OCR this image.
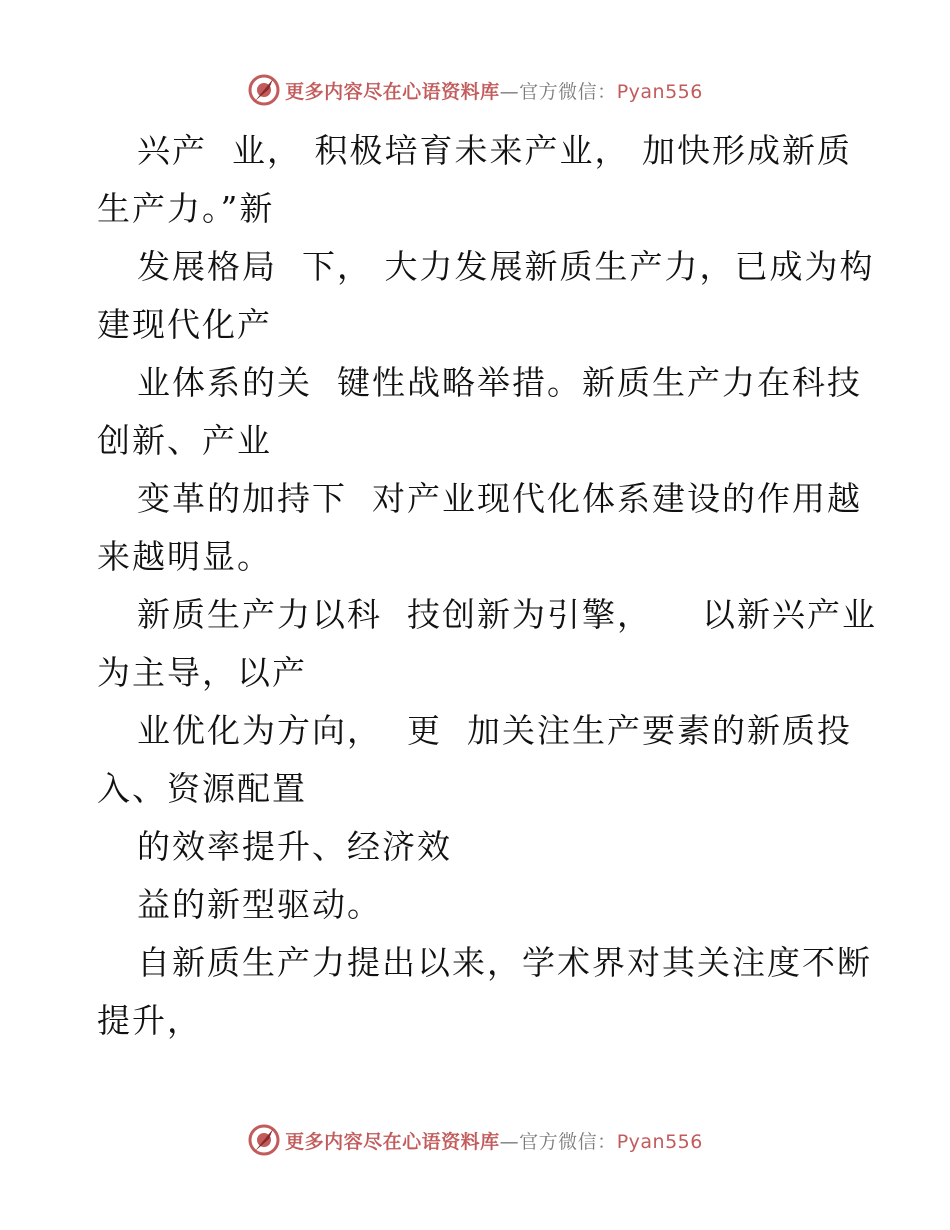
更多内容尽在心语资料库—官方微信：Pyan556
兴产  业， 积极培育未来产业， 加快形成新质
生产力。”新
发展格局  下， 大力发展新质生产力，已成为构
建现代化产
业体系的关  键性战略举措。新质生产力在科技
创新、产业
变革的加持下  对产业现代化体系建设的作用越
来越明显。
新质生产力以科  技创新为引擎，    以新兴产业
为主导，以产
业优化为方向，  更  加关注生产要素的新质投
入、资源配置
的效率提升、经济效
益的新型驱动。
自新质生产力提出以来，学术界对其关注度不断
提升，
更多内容尽在心语资料库—官方微信：Pyan556
